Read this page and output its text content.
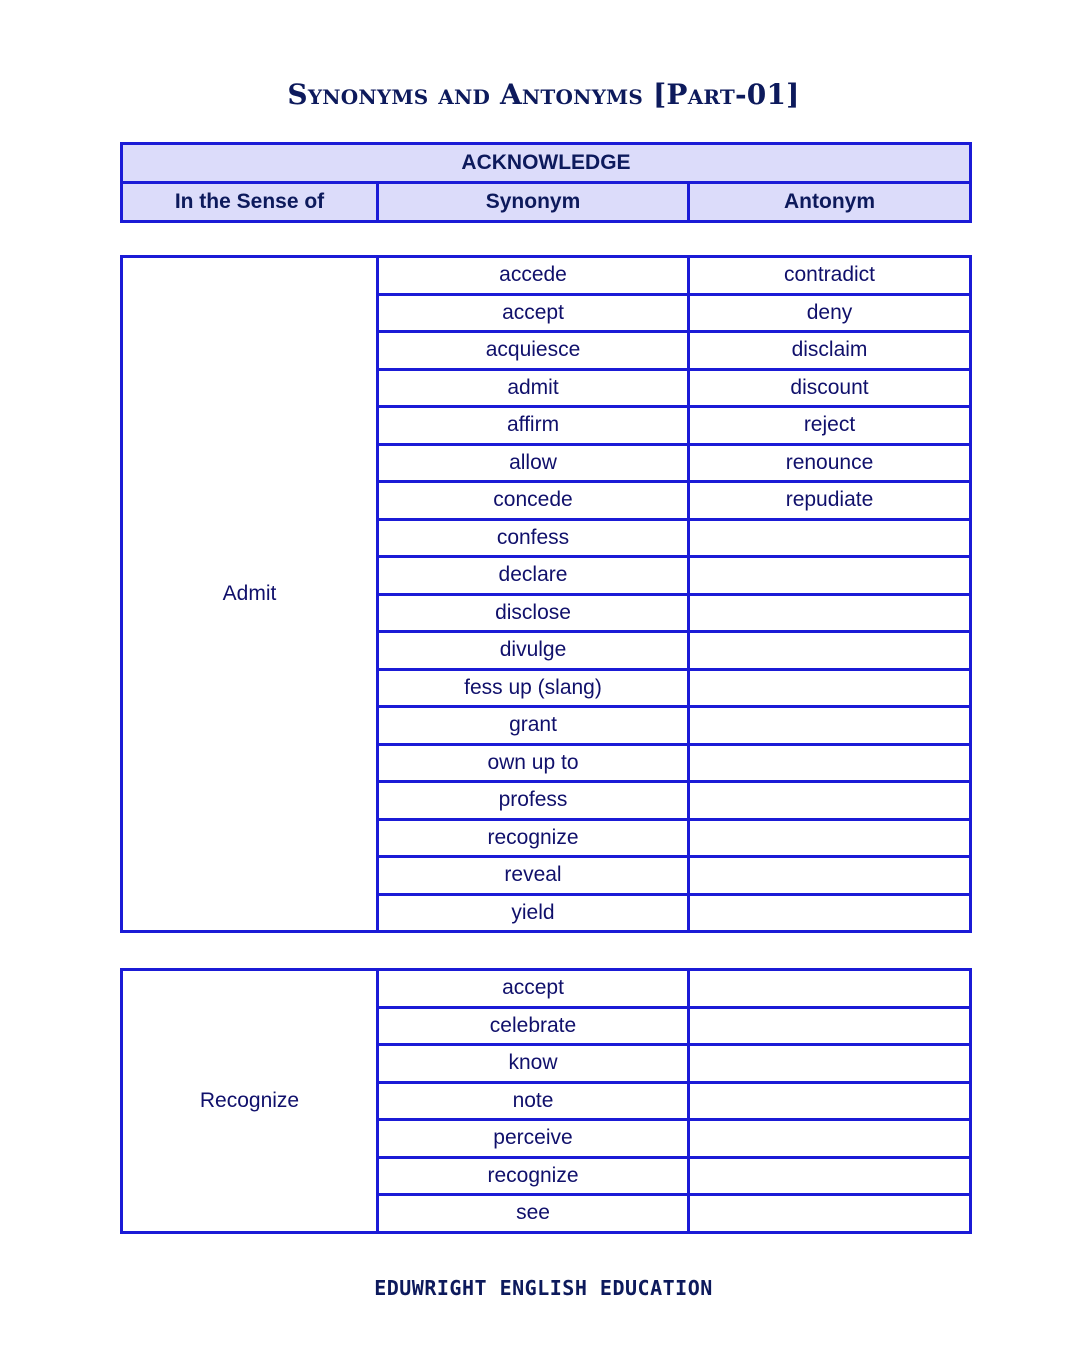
Synonyms and Antonyms [Part-01]
ACKNOWLEDGE
In the Sense of	Synonym	Antonym
Admit	accede	contradict
	accept	deny
	acquiesce	disclaim
	admit	discount
	affirm	reject
	allow	renounce
	concede	repudiate
	confess	
	declare	
	disclose	
	divulge	
	fess up (slang)	
	grant	
	own up to	
	profess	
	recognize	
	reveal	
	yield	
Recognize	accept	
	celebrate	
	know	
	note	
	perceive	
	recognize	
	see	
EDUWRIGHT ENGLISH EDUCATION
